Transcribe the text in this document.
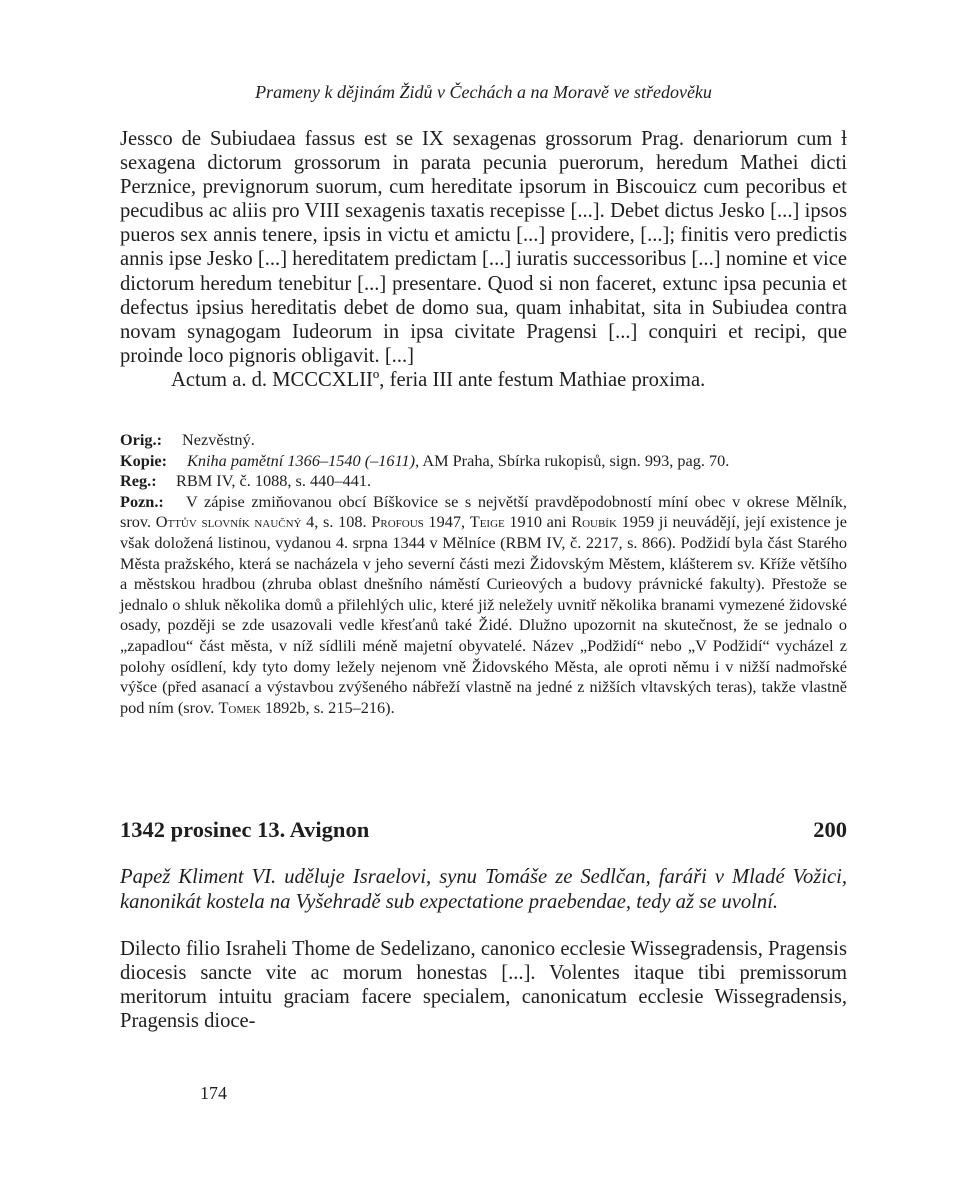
Prameny k dějinám Židů v Čechách a na Moravě ve středověku

Jessco de Subiudaea fassus est se IX sexagenas grossorum Prag. denariorum cum ƚ sexagena dictorum grossorum in parata pecunia puerorum, heredum Mathei dicti Perznice, prevignorum suorum, cum hereditate ipsorum in Biscouicz cum pecoribus et pecudibus ac aliis pro VIII sexagenis taxatis recepisse [...]. Debet dictus Jesko [...] ipsos pueros sex annis tenere, ipsis in victu et amictu [...] providere, [...]; finitis vero predictis annis ipse Jesko [...] hereditatem predictam [...] iuratis successoribus [...] nomine et vice dictorum heredum tenebitur [...] presentare. Quod si non faceret, extunc ipsa pecunia et defectus ipsius hereditatis debet de domo sua, quam inhabitat, sita in Subiudea contra novam synagogam Iudeorum in ipsa civitate Pragensi [...] conquiri et recipi, que proinde loco pignoris obligavit. [...]

Actum a. d. MCCCXLIIº, feria III ante festum Mathiae proxima.

Orig.: Nezvěstný.

Kopie: Kniha pamětní 1366–1540 (–1611), AM Praha, Sbírka rukopisů, sign. 993, pag. 70.

Reg.: RBM IV, č. 1088, s. 440–441.

Pozn.: V zápise zmiňovanou obcí Bíškovice se s největší pravděpodobností míní obec v okrese Mělník, srov. Ottův slovník naučný 4, s. 108. Profous 1947, Teige 1910 ani Roubík 1959 ji neuvádějí, její existence je však doložená listinou, vydanou 4. srpna 1344 v Mělníce (RBM IV, č. 2217, s. 866). Podžidí byla část Starého Města pražského, která se nacházela v jeho severní části mezi Židovským Městem, klášterem sv. Kříže většího a městskou hradbou (zhruba oblast dnešního náměstí Curieových a budovy právnické fakulty). Přestože se jednalo o shluk několika domů a přilehlých ulic, které již neležely uvnitř několika branami vymezené židovské osady, později se zde usazovali vedle křesťanů také Židé. Dlužno upozornit na skutečnost, že se jednalo o „zapadlou“ část města, v níž sídlili méně majetní obyvatelé. Název „Podžidí“ nebo „V Podžidí“ vycházel z polohy osídlení, kdy tyto domy ležely nejenom vně Židovského Města, ale oproti němu i v nižší nadmořské výšce (před asanací a výstavbou zvýšeného nábřeží vlastně na jedné z nižších vltavských teras), takže vlastně pod ním (srov. Tomek 1892b, s. 215–216).

1342 prosinec 13. Avignon	200
Papež Kliment VI. uděluje Israelovi, synu Tomáše ze Sedlčan, faráři v Mladé Vožici, kanonikát kostela na Vyšehradě sub expectatione praebendae, tedy až se uvolní.

Dilecto filio Israheli Thome de Sedelizano, canonico ecclesie Wissegradensis, Pragensis diocesis sancte vite ac morum honestas [...]. Volentes itaque tibi premissorum meritorum intuitu graciam facere specialem, canonicatum ecclesie Wissegradensis, Pragensis dioce-

174
